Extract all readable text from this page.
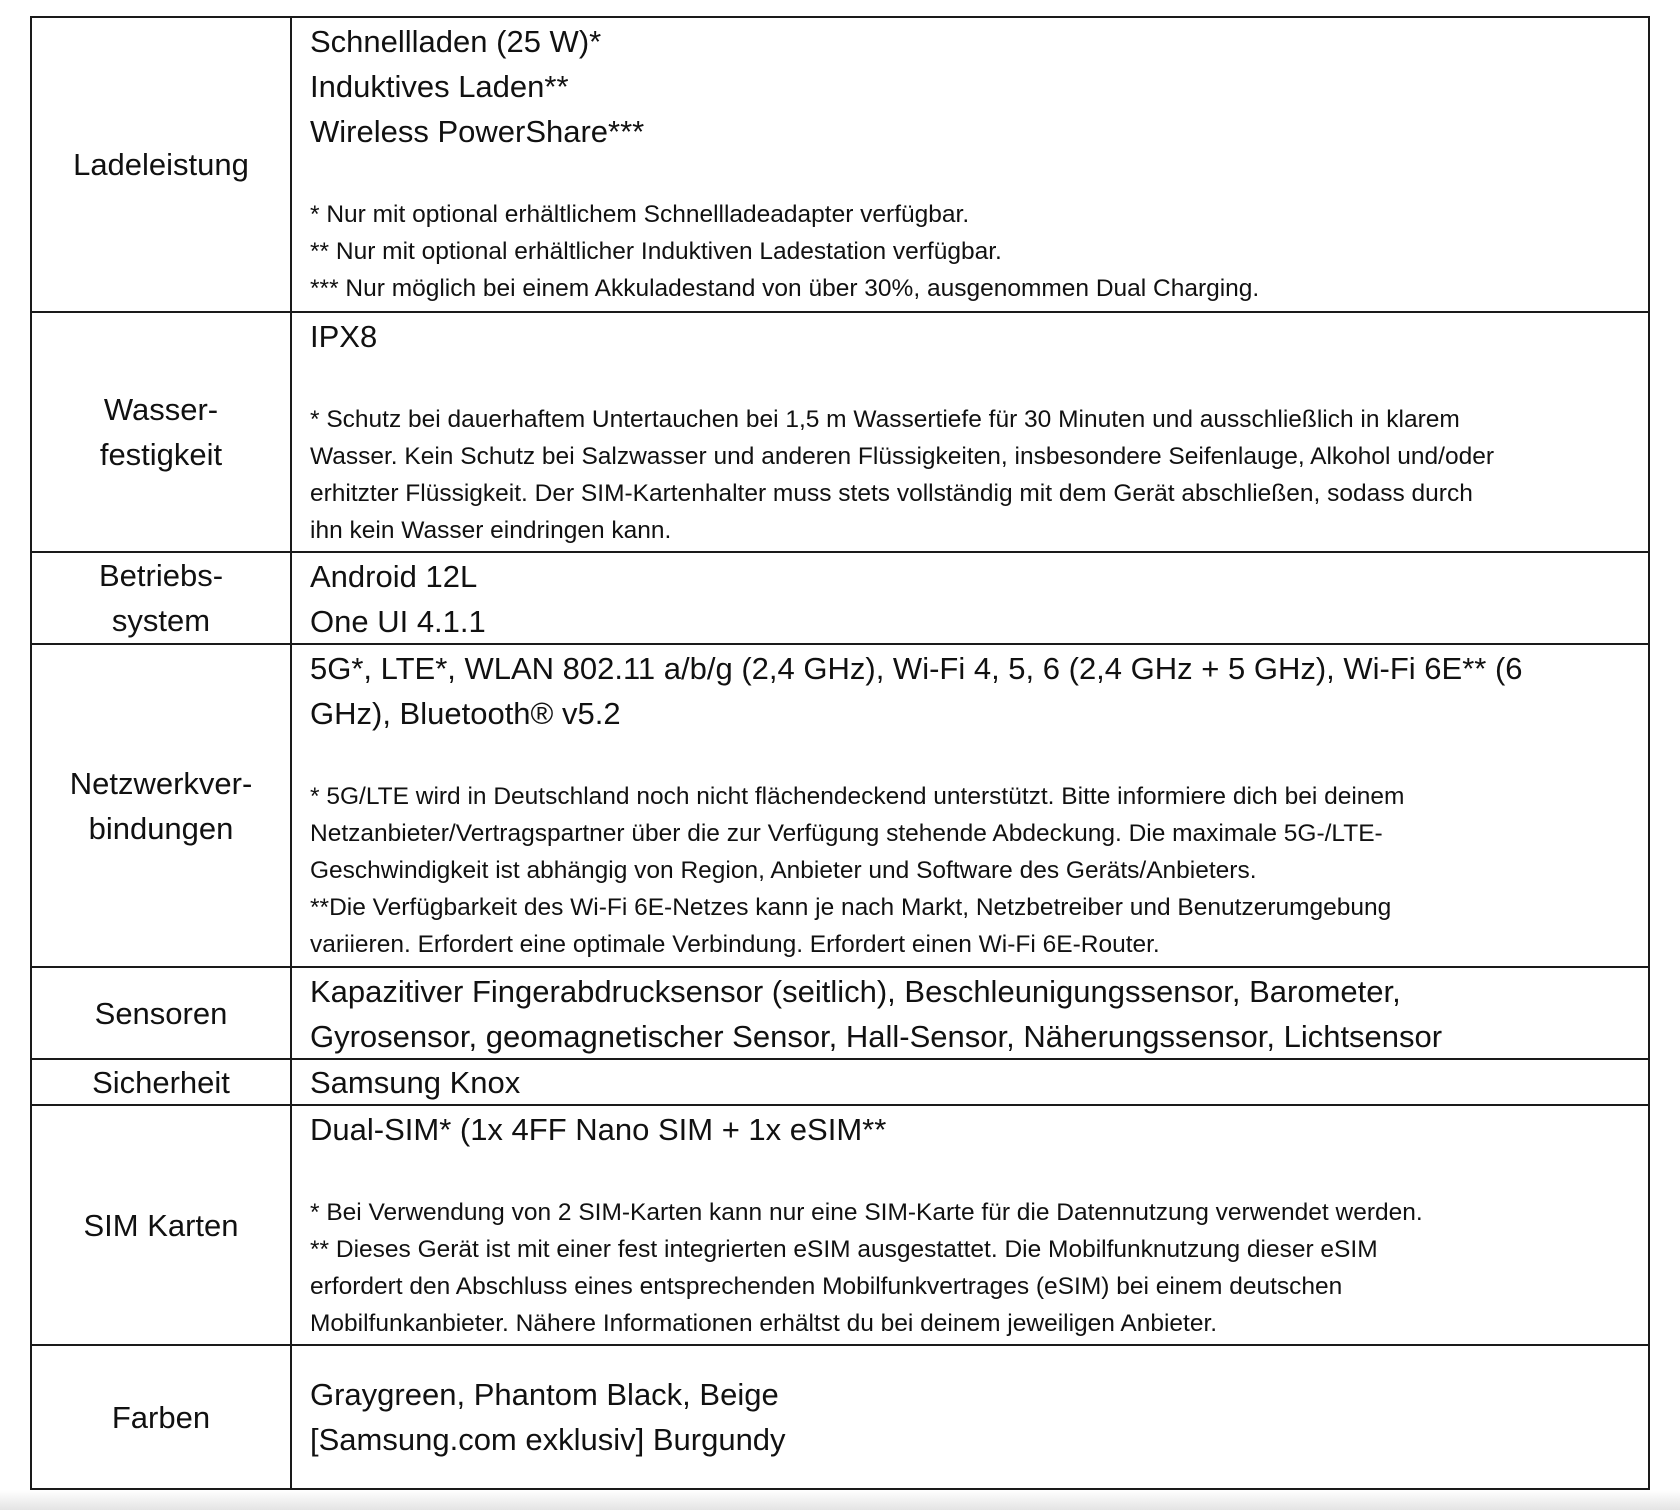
Ladeleistung
Schnellladen (25 W)*
Induktives Laden**
Wireless PowerShare***
* Nur mit optional erhältlichem Schnellladeadapter verfügbar.
** Nur mit optional erhältlicher Induktiven Ladestation verfügbar.
*** Nur möglich bei einem Akkuladestand von über 30%, ausgenommen Dual Charging.
Wasser-
festigkeit
IPX8
* Schutz bei dauerhaftem Untertauchen bei 1,5 m Wassertiefe für 30 Minuten und ausschließlich in klarem
Wasser. Kein Schutz bei Salzwasser und anderen Flüssigkeiten, insbesondere Seifenlauge, Alkohol und/oder
erhitzter Flüssigkeit. Der SIM-Kartenhalter muss stets vollständig mit dem Gerät abschließen, sodass durch
ihn kein Wasser eindringen kann.
Betriebs-
system
Android 12L
One UI 4.1.1
Netzwerkver-
bindungen
5G*, LTE*, WLAN 802.11 a/b/g (2,4 GHz), Wi-Fi 4, 5, 6 (2,4 GHz + 5 GHz), Wi-Fi 6E** (6
GHz), Bluetooth® v5.2
* 5G/LTE wird in Deutschland noch nicht flächendeckend unterstützt. Bitte informiere dich bei deinem
Netzanbieter/Vertragspartner über die zur Verfügung stehende Abdeckung. Die maximale 5G-/LTE-
Geschwindigkeit ist abhängig von Region, Anbieter und Software des Geräts/Anbieters.
**Die Verfügbarkeit des Wi-Fi 6E-Netzes kann je nach Markt, Netzbetreiber und Benutzerumgebung
variieren. Erfordert eine optimale Verbindung. Erfordert einen Wi-Fi 6E-Router.
Sensoren
Kapazitiver Fingerabdrucksensor (seitlich), Beschleunigungssensor, Barometer,
Gyrosensor, geomagnetischer Sensor, Hall-Sensor, Näherungssensor, Lichtsensor
Sicherheit	Samsung Knox
SIM Karten
Dual-SIM* (1x 4FF Nano SIM + 1x eSIM**
* Bei Verwendung von 2 SIM-Karten kann nur eine SIM-Karte für die Datennutzung verwendet werden.
** Dieses Gerät ist mit einer fest integrierten eSIM ausgestattet. Die Mobilfunknutzung dieser eSIM
erfordert den Abschluss eines entsprechenden Mobilfunkvertrages (eSIM) bei einem deutschen
Mobilfunkanbieter. Nähere Informationen erhältst du bei deinem jeweiligen Anbieter.
Farben
Graygreen, Phantom Black, Beige
[Samsung.com exklusiv] Burgundy
